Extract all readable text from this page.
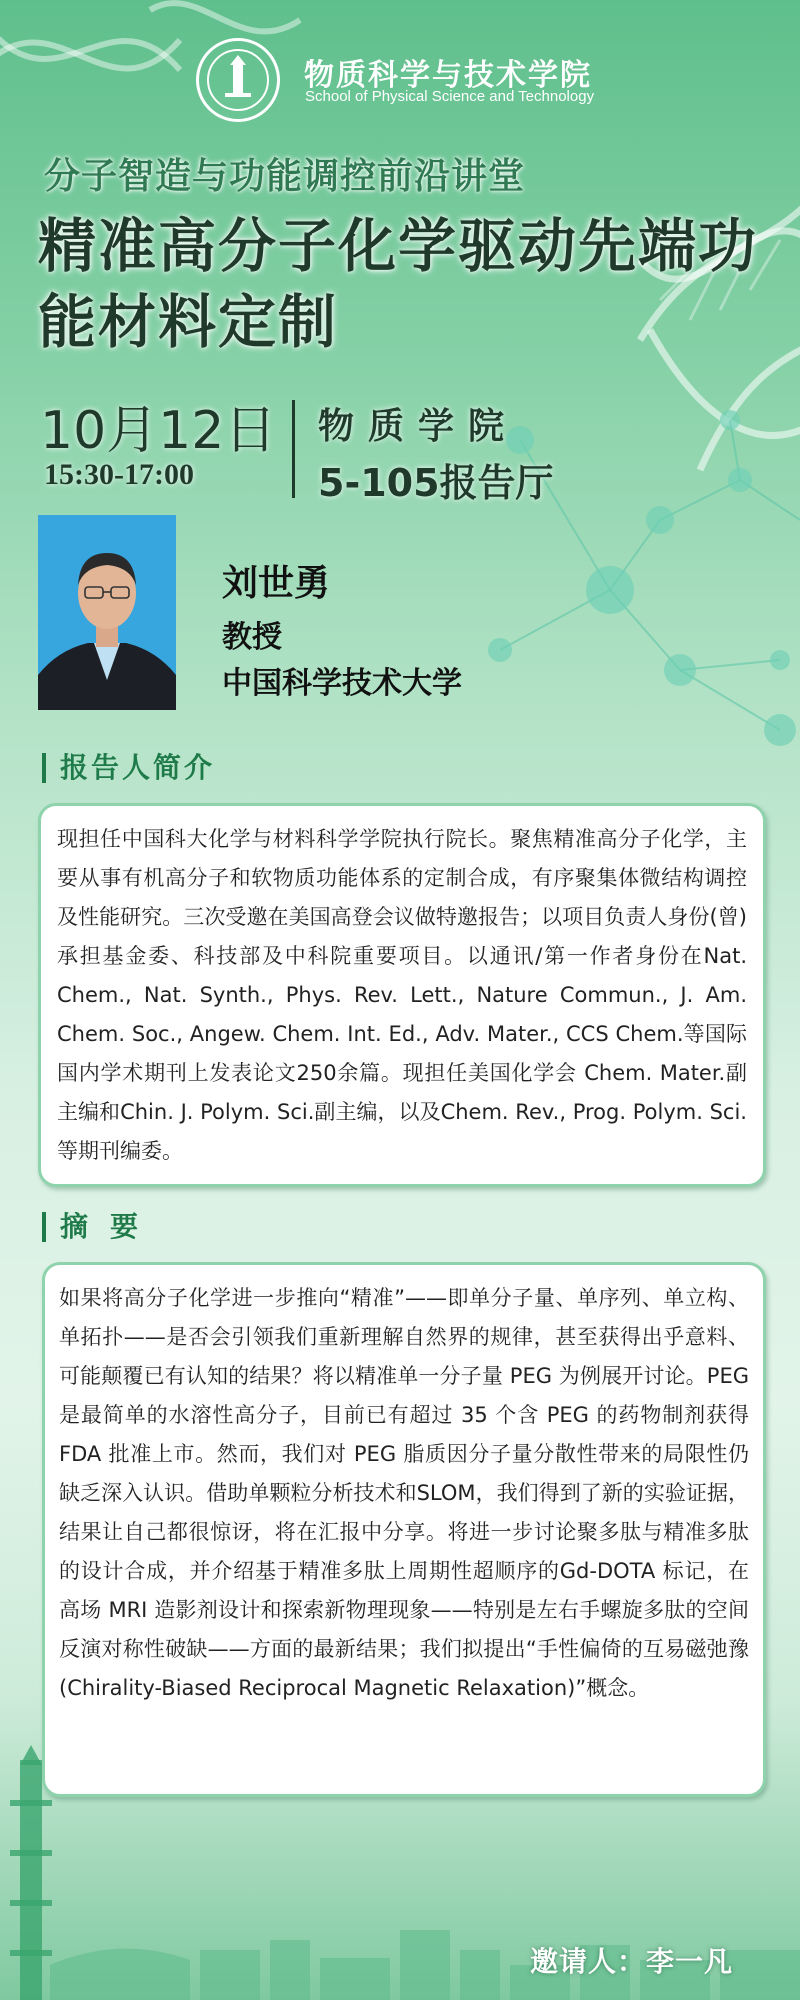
物质科学与技术学院
School of Physical Science and Technology
分子智造与功能调控前沿讲堂
精准高分子化学驱动先端功能材料定制
10月12日
15:30-17:00
物质学院
5-105报告厅
刘世勇
教授
中国科学技术大学
报告人简介

现担任中国科大化学与材料科学学院执行院长。聚焦精准高分子化学，主要从事有机高分子和软物质功能体系的定制合成，有序聚集体微结构调控及性能研究。三次受邀在美国高登会议做特邀报告；以项目负责人身份(曾)承担基金委、科技部及中科院重要项目。以通讯/第一作者身份在Nat. Chem., Nat. Synth., Phys. Rev. Lett., Nature Commun., J. Am. Chem. Soc., Angew. Chem. Int. Ed., Adv. Mater., CCS Chem.等国际国内学术期刊上发表论文250余篇。现担任美国化学会 Chem. Mater.副主编和Chin. J. Polym. Sci.副主编，以及Chem. Rev., Prog. Polym. Sci.等期刊编委。

摘要

如果将高分子化学进一步推向“精准”——即单分子量、单序列、单立构、单拓扑——是否会引领我们重新理解自然界的规律，甚至获得出乎意料、可能颠覆已有认知的结果？将以精准单一分子量 PEG 为例展开讨论。PEG 是最简单的水溶性高分子，目前已有超过 35 个含 PEG 的药物制剂获得 FDA 批准上市。然而，我们对 PEG 脂质因分子量分散性带来的局限性仍缺乏深入认识。借助单颗粒分析技术和SLOM，我们得到了新的实验证据，结果让自己都很惊讶，将在汇报中分享。将进一步讨论聚多肽与精准多肽的设计合成，并介绍基于精准多肽上周期性超顺序的Gd-DOTA 标记，在高场 MRI 造影剂设计和探索新物理现象——特别是左右手螺旋多肽的空间反演对称性破缺——方面的最新结果；我们拟提出“手性偏倚的互易磁弛豫 (Chirality-Biased Reciprocal Magnetic Relaxation)”概念。

邀请人：李一凡
